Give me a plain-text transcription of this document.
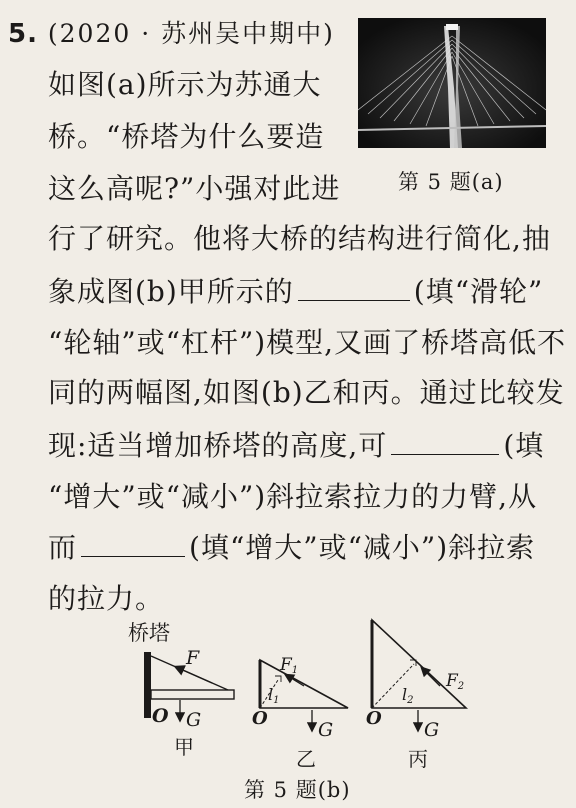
5. (2020 · 苏州吴中期中)
如图(a)所示为苏通大
桥。“桥塔为什么要造
这么高呢?”小强对此进
行了研究。他将大桥的结构进行简化,抽
象成图(b)甲所示的	(填“滑轮”
“轮轴”或“杠杆”)模型,又画了桥塔高低不
同的两幅图,如图(b)乙和丙。通过比较发
现:适当增加桥塔的高度,可	(填
“增大”或“减小”)斜拉索拉力的力臂,从
而	(填“增大”或“减小”)斜拉索
的拉力。
第 5 题(a)
桥塔
F
G
O
甲
l1
F1
G
O
乙
l2
F2
G
O
丙
第 5 题(b)
